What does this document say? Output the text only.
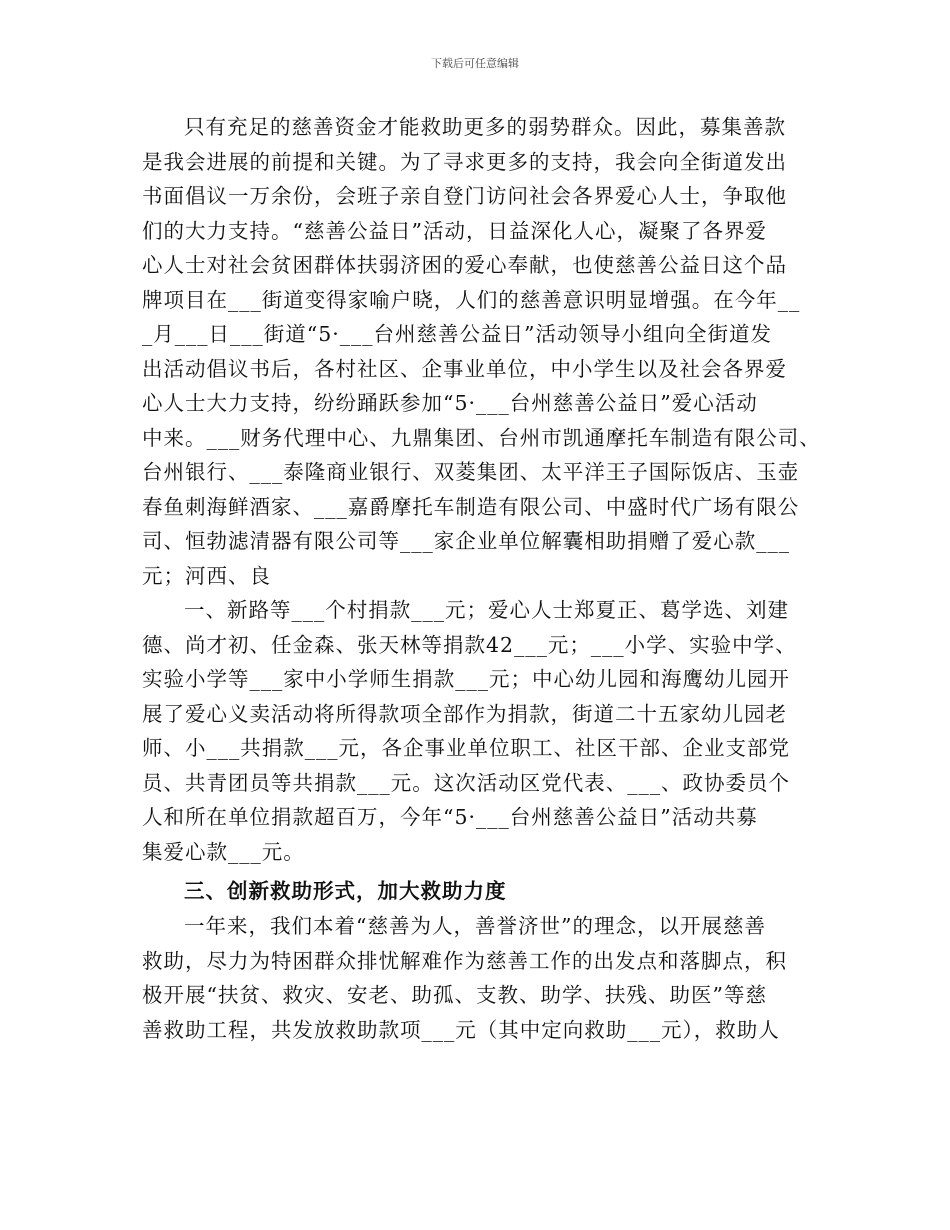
下载后可任意编辑
只有充足的慈善资金才能救助更多的弱势群众。因此，募集善款
是我会进展的前提和关键。为了寻求更多的支持，我会向全街道发出
书面倡议一万余份，会班子亲自登门访问社会各界爱心人士，争取他
们的大力支持。“慈善公益日”活动，日益深化人心，凝聚了各界爱
心人士对社会贫困群体扶弱济困的爱心奉献，也使慈善公益日这个品
牌项目在___街道变得家喻户晓，人们的慈善意识明显增强。在今年__
_月___日___街道“5·___台州慈善公益日”活动领导小组向全街道发
出活动倡议书后，各村社区、企事业单位，中小学生以及社会各界爱
心人士大力支持，纷纷踊跃参加“5·___台州慈善公益日”爱心活动
中来。___财务代理中心、九鼎集团、台州市凯通摩托车制造有限公司、
台州银行、___泰隆商业银行、双菱集团、太平洋王子国际饭店、玉壶
春鱼刺海鲜酒家、___嘉爵摩托车制造有限公司、中盛时代广场有限公
司、恒勃滤清器有限公司等___家企业单位解囊相助捐赠了爱心款___
元；河西、良
一、新路等___个村捐款___元；爱心人士郑夏正、葛学选、刘建
德、尚才初、任金森、张天林等捐款42___元；___小学、实验中学、
实验小学等___家中小学师生捐款___元；中心幼儿园和海鹰幼儿园开
展了爱心义卖活动将所得款项全部作为捐款，街道二十五家幼儿园老
师、小___共捐款___元，各企事业单位职工、社区干部、企业支部党
员、共青团员等共捐款___元。这次活动区党代表、___、政协委员个
人和所在单位捐款超百万，今年“5·___台州慈善公益日”活动共募
集爱心款___元。
三、创新救助形式，加大救助力度
一年来，我们本着“慈善为人，善誉济世”的理念，以开展慈善
救助，尽力为特困群众排忧解难作为慈善工作的出发点和落脚点，积
极开展“扶贫、救灾、安老、助孤、支教、助学、扶残、助医”等慈
善救助工程，共发放救助款项___元（其中定向救助___元），救助人
